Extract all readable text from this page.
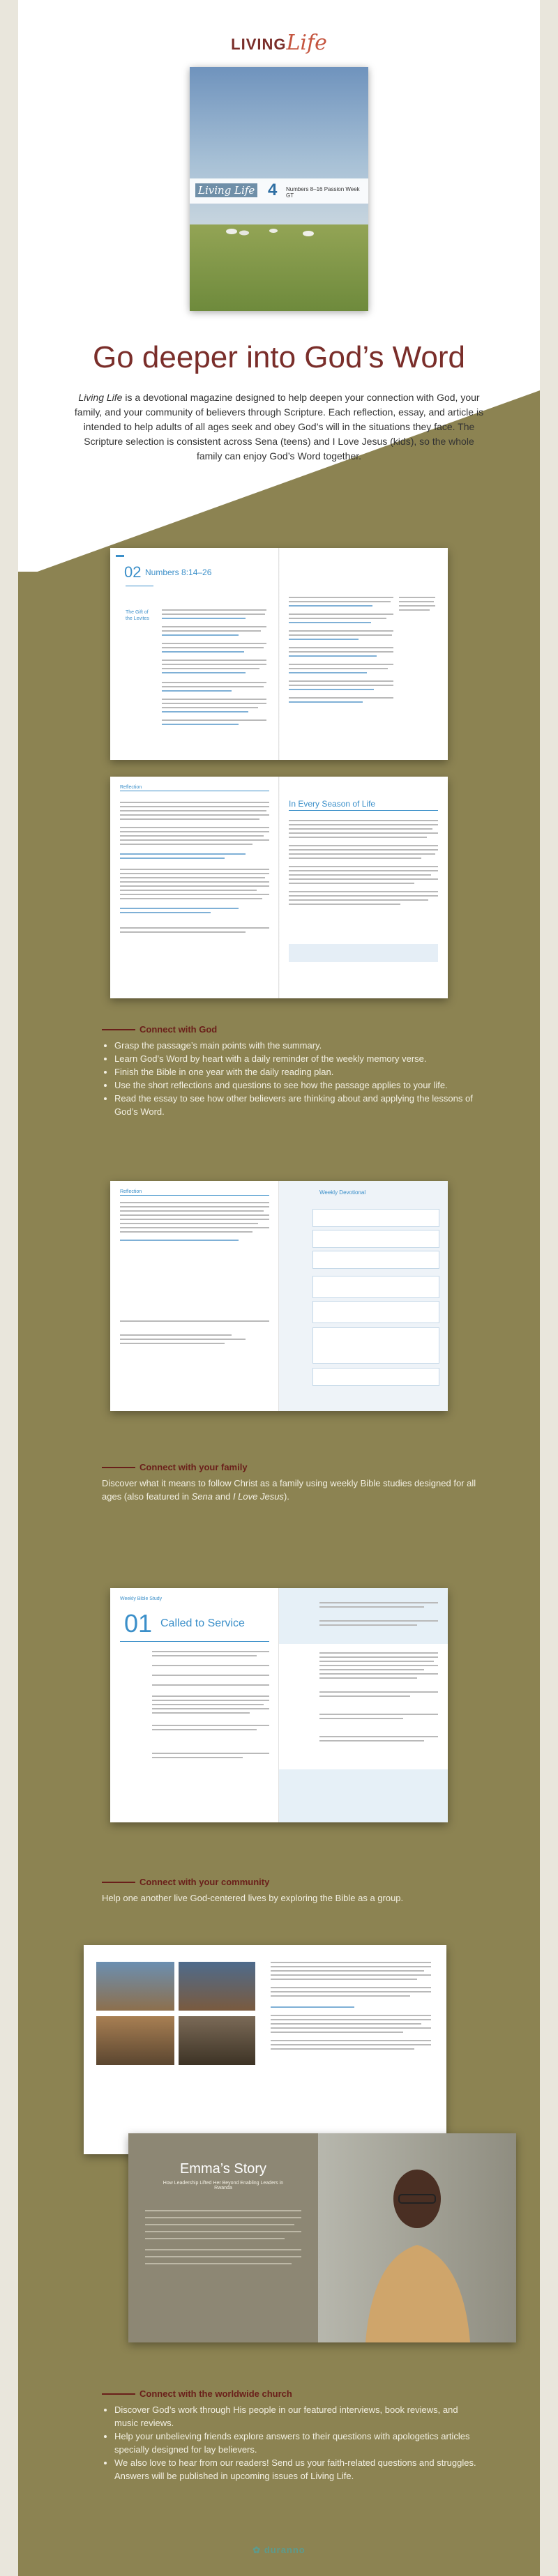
LIVINGLife
Living Life 4 Numbers 8–16 Passion Week GT
Go deeper into God’s Word
Living Life is a devotional magazine designed to help deepen your connection with God, your family, and your community of believers through Scripture. Each reflection, essay, and article is intended to help adults of all ages seek and obey God’s will in the situations they face. The Scripture selection is consistent across Sena (teens) and I Love Jesus (kids), so the whole family can enjoy God’s Word together.
02 Numbers 8:14–26
The Gift of the Levites
Reflection
In Every Season of Life
Connect with God
• Grasp the passage’s main points with the summary.
• Learn God’s Word by heart with a daily reminder of the weekly memory verse.
• Finish the Bible in one year with the daily reading plan.
• Use the short reflections and questions to see how the passage applies to your life.
• Read the essay to see how other believers are thinking about and applying the lessons of God’s Word.
Reflection	Weekly Devotional
Connect with your family

Discover what it means to follow Christ as a family using weekly Bible studies designed for all ages (also featured in Sena and I Love Jesus).

Weekly Bible Study
01 Called to Service
Connect with your community

Help one another live God-centered lives by exploring the Bible as a group.

Emma’s Story
How Leadership Lifted Her Beyond Enabling Leaders in Rwanda
Connect with the worldwide church
• Discover God’s work through His people in our featured interviews, book reviews, and music reviews.
• Help your unbelieving friends explore answers to their questions with apologetics articles specially designed for lay believers.
• We also love to hear from our readers! Send us your faith-related questions and struggles. Answers will be published in upcoming issues of Living Life.
✿ duranno
